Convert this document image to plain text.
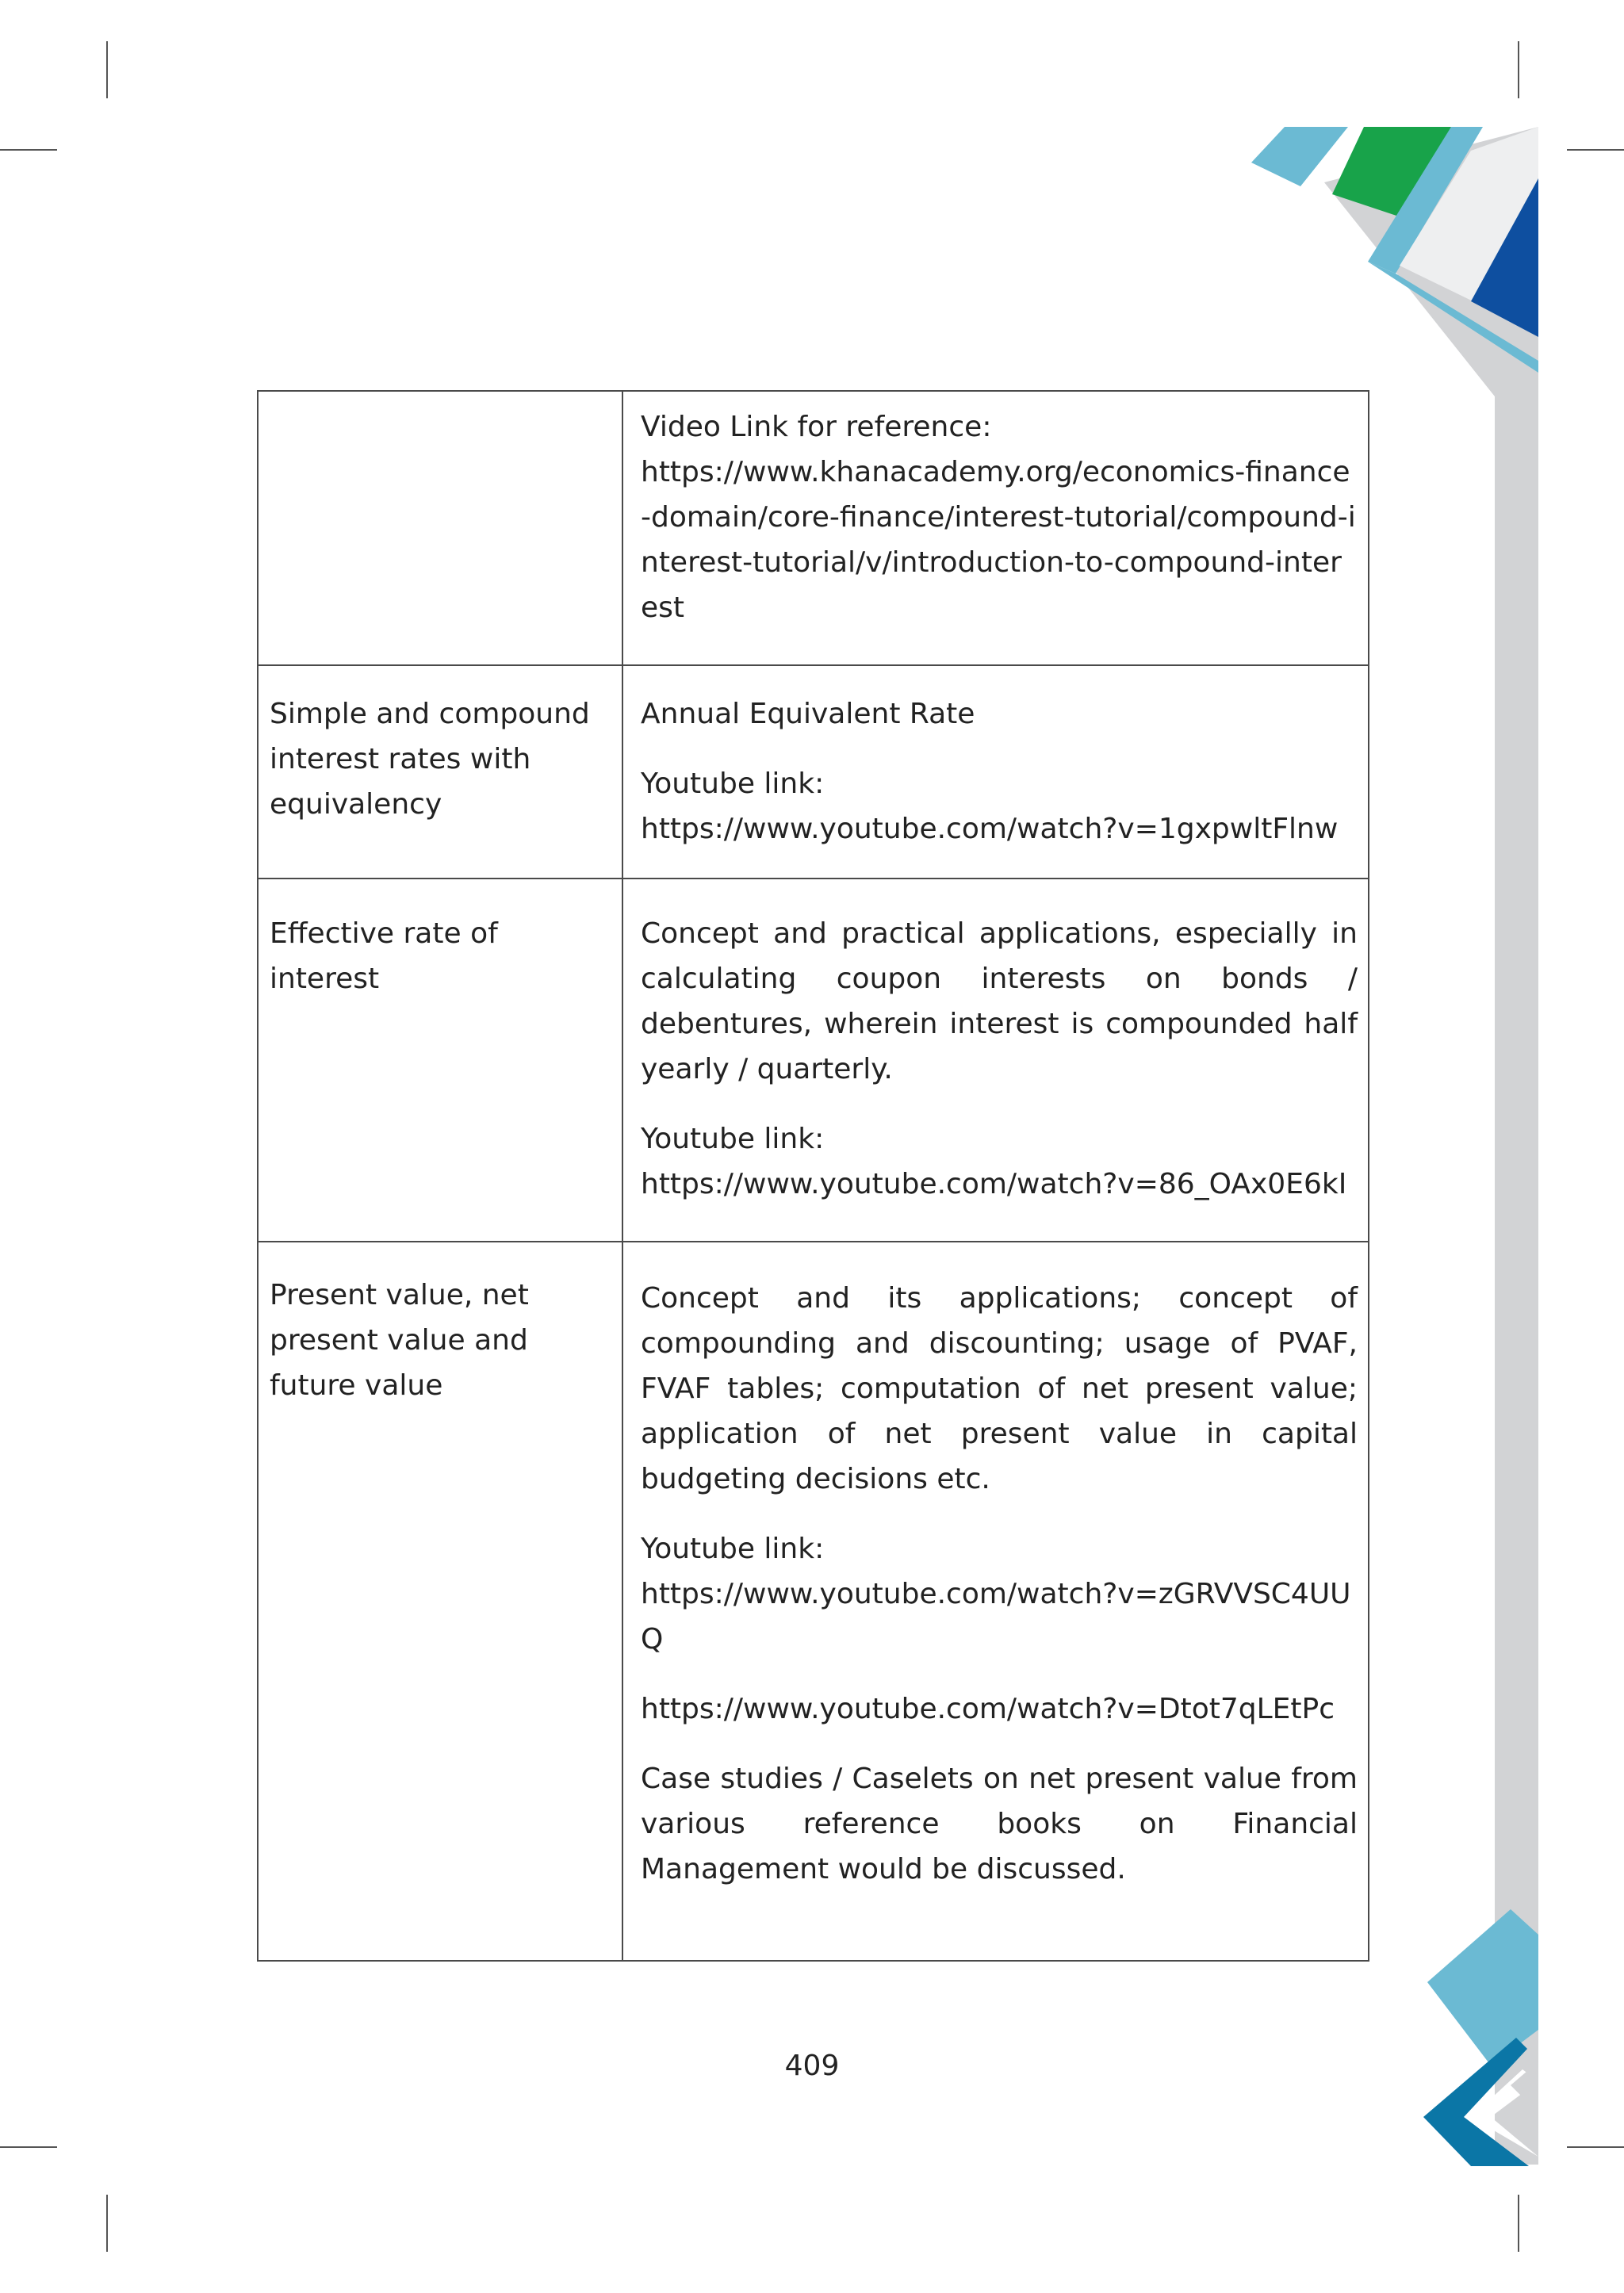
	Video Link for reference:
https://www.khanacademy.org/economics-finance-domain/core-finance/interest-tutorial/compound-interest-tutorial/v/introduction-to-compound-interest

Simple and compound interest rates with equivalency	Annual Equivalent Rate
Youtube link:
https://www.youtube.com/watch?v=1gxpwltFlnw

Effective rate of interest	Concept and practical applications, especially in calculating coupon interests on bonds / debentures, wherein interest is compounded half yearly / quarterly.
Youtube link:
https://www.youtube.com/watch?v=86_OAx0E6kI

Present value, net present value and future value	Concept and its applications; concept of compounding and discounting; usage of PVAF, FVAF tables; computation of net present value; application of net present value in capital budgeting decisions etc.
Youtube link:
https://www.youtube.com/watch?v=zGRVVSC4UUQ
https://www.youtube.com/watch?v=Dtot7qLEtPc
Case studies / Caselets on net present value from various reference books on Financial Management would be discussed.
409
